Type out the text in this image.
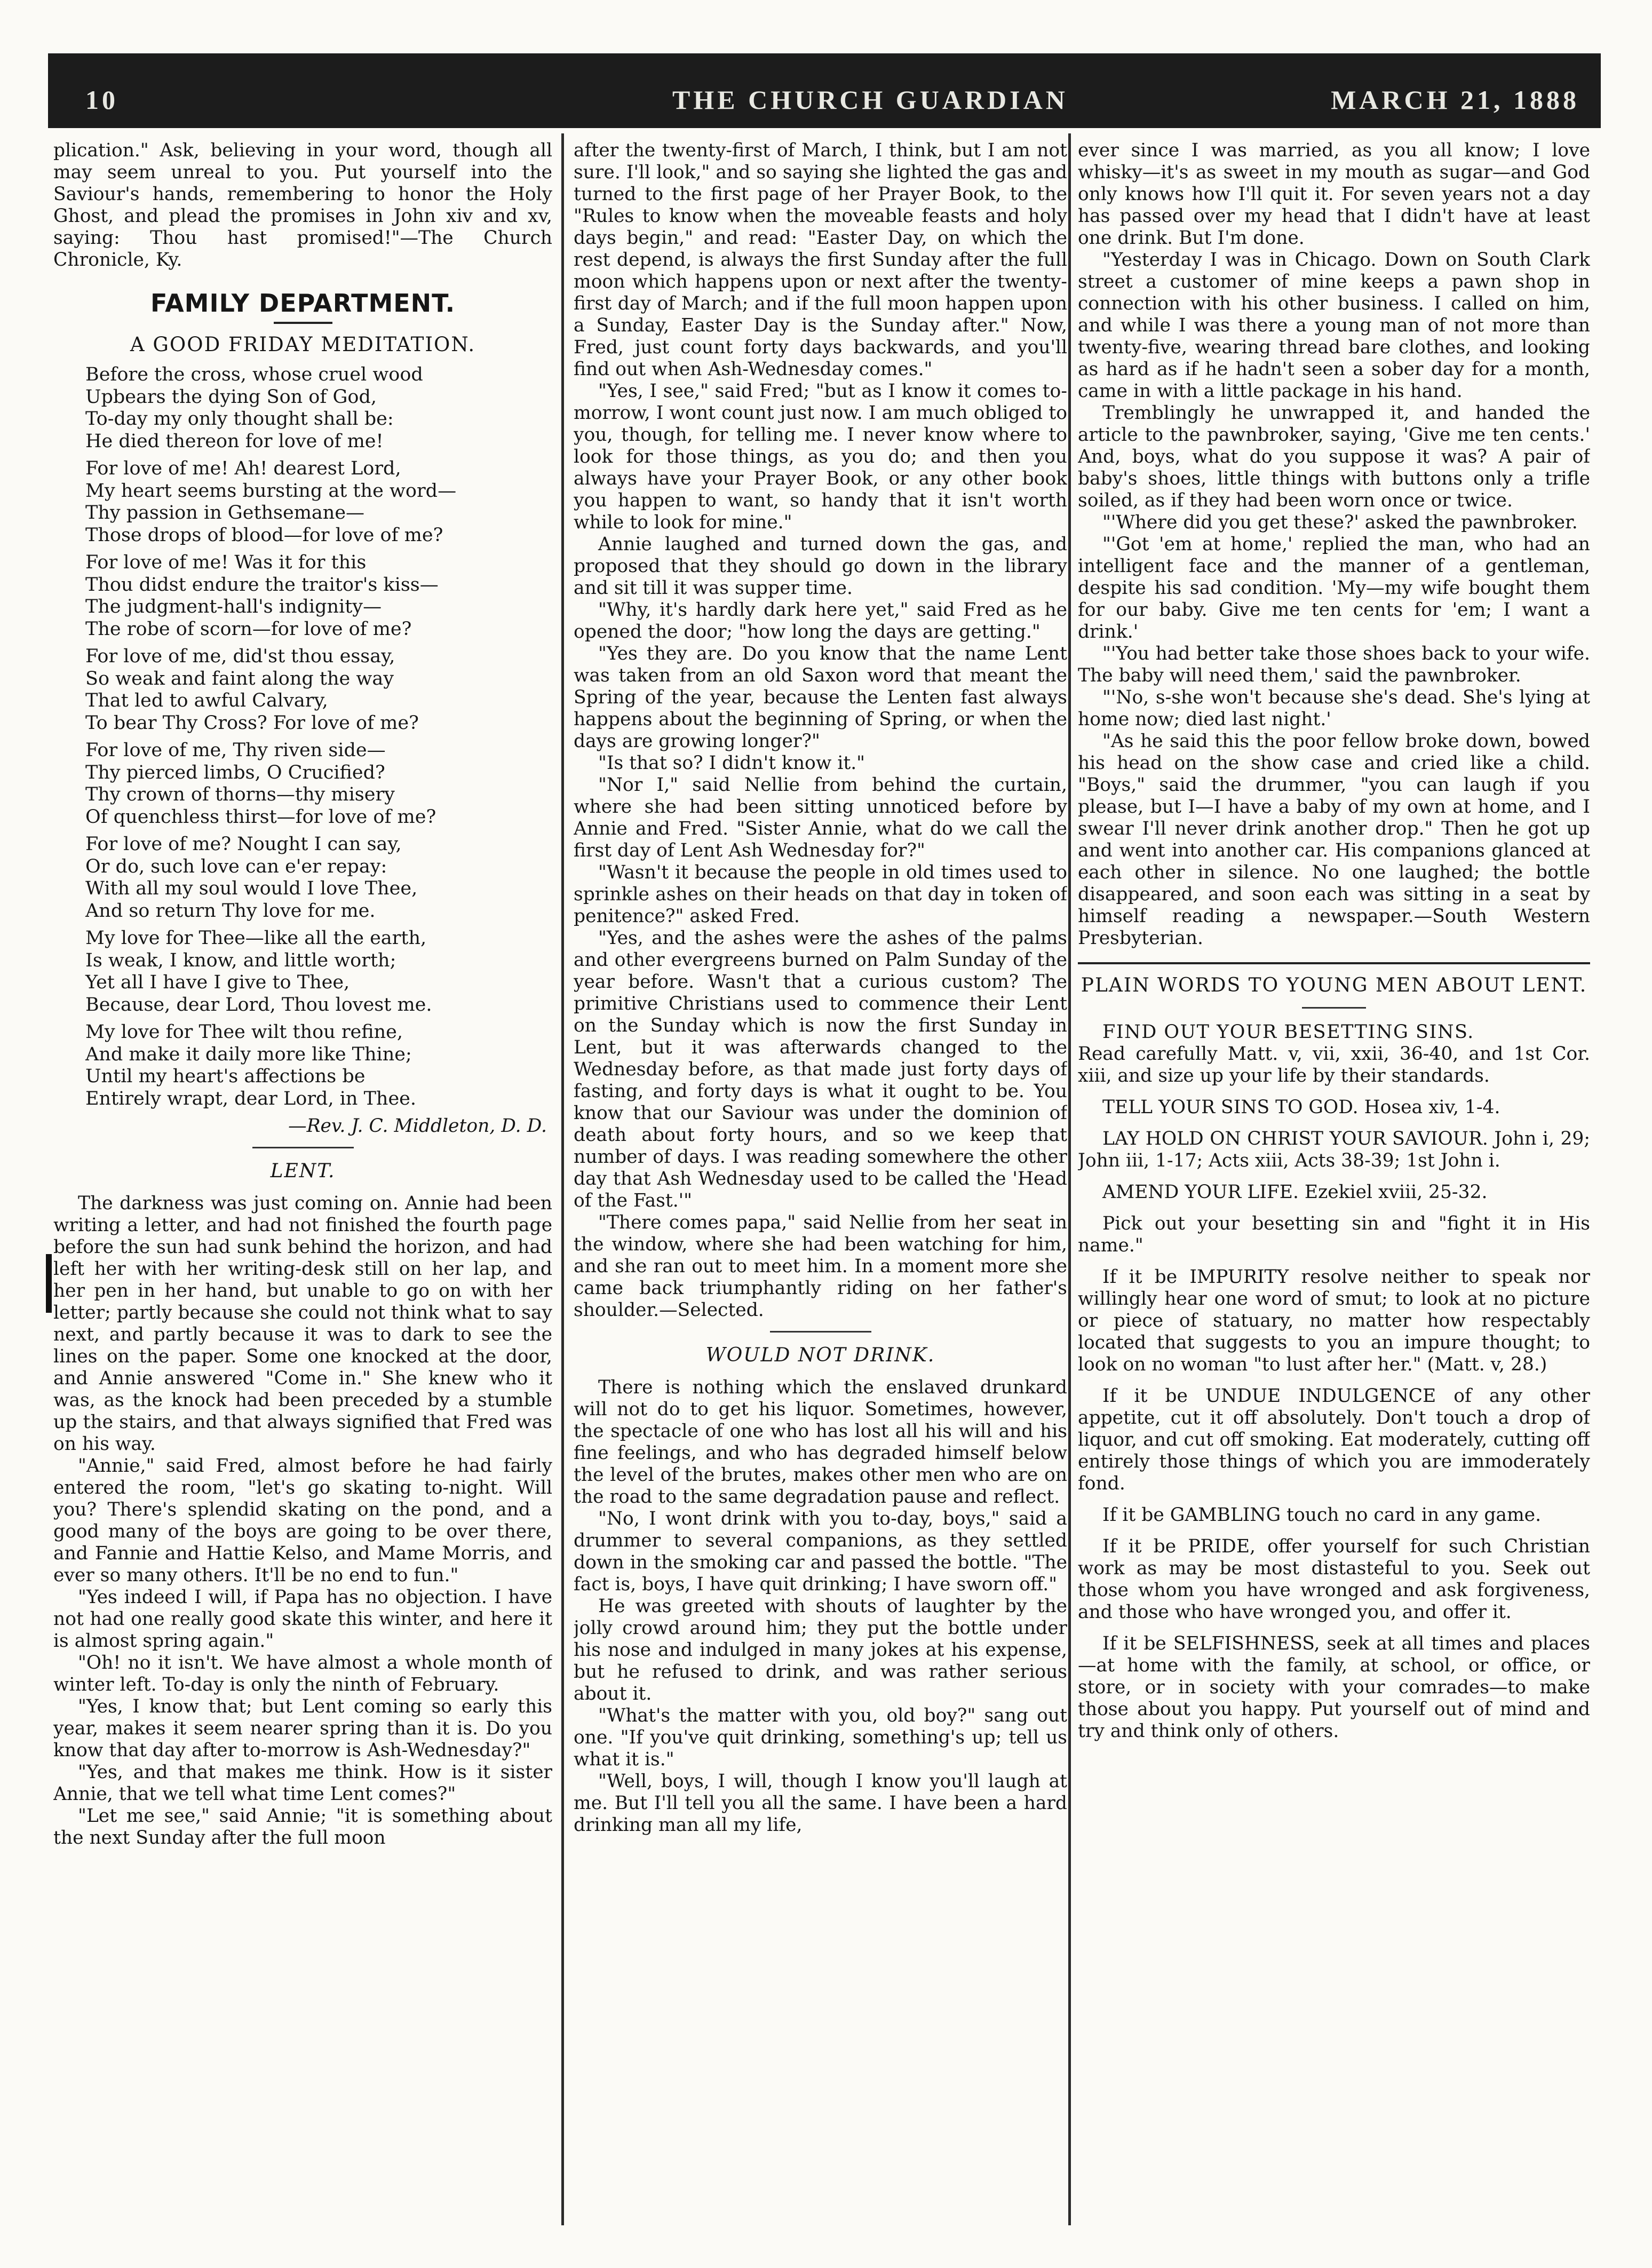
10	THE CHURCH GUARDIAN	MARCH 21, 1888

plication." Ask, believing in your word, though all may seem unreal to you. Put yourself into the Saviour's hands, remembering to honor the Holy Ghost, and plead the promises in John xiv and xv, saying: Thou hast promised!"—The Church Chronicle, Ky.

FAMILY DEPARTMENT.
A GOOD FRIDAY MEDITATION.
Before the cross, whose cruel wood
Upbears the dying Son of God,
To-day my only thought shall be:
He died thereon for love of me!
For love of me! Ah! dearest Lord,
My heart seems bursting at the word—
Thy passion in Gethsemane—
Those drops of blood—for love of me?
For love of me! Was it for this
Thou didst endure the traitor's kiss—
The judgment-hall's indignity—
The robe of scorn—for love of me?
For love of me, did'st thou essay,
So weak and faint along the way
That led to awful Calvary,
To bear Thy Cross? For love of me?
For love of me, Thy riven side—
Thy pierced limbs, O Crucified?
Thy crown of thorns—thy misery
Of quenchless thirst—for love of me?
For love of me? Nought I can say,
Or do, such love can e'er repay:
With all my soul would I love Thee,
And so return Thy love for me.
My love for Thee—like all the earth,
Is weak, I know, and little worth;
Yet all I have I give to Thee,
Because, dear Lord, Thou lovest me.
My love for Thee wilt thou refine,
And make it daily more like Thine;
Until my heart's affections be
Entirely wrapt, dear Lord, in Thee.
—Rev. J. C. Middleton, D. D.
LENT.

The darkness was just coming on. Annie had been writing a letter, and had not finished the fourth page before the sun had sunk behind the horizon, and had left her with her writing-desk still on her lap, and her pen in her hand, but unable to go on with her letter; partly because she could not think what to say next, and partly because it was to dark to see the lines on the paper. Some one knocked at the door, and Annie answered "Come in." She knew who it was, as the knock had been preceded by a stumble up the stairs, and that always signified that Fred was on his way.

"Annie," said Fred, almost before he had fairly entered the room, "let's go skating to-night. Will you? There's splendid skating on the pond, and a good many of the boys are going to be over there, and Fannie and Hattie Kelso, and Mame Morris, and ever so many others. It'll be no end to fun."

"Yes indeed I will, if Papa has no objection. I have not had one really good skate this winter, and here it is almost spring again."

"Oh! no it isn't. We have almost a whole month of winter left. To-day is only the ninth of February.

"Yes, I know that; but Lent coming so early this year, makes it seem nearer spring than it is. Do you know that day after to-morrow is Ash-Wednesday?"

"Yes, and that makes me think. How is it sister Annie, that we tell what time Lent comes?"

"Let me see," said Annie; "it is something about the next Sunday after the full moon

after the twenty-first of March, I think, but I am not sure. I'll look," and so saying she lighted the gas and turned to the first page of her Prayer Book, to the "Rules to know when the moveable feasts and holy days begin," and read: "Easter Day, on which the rest depend, is always the first Sunday after the full moon which happens upon or next after the twenty-first day of March; and if the full moon happen upon a Sunday, Easter Day is the Sunday after." Now, Fred, just count forty days backwards, and you'll find out when Ash-Wednesday comes."

"Yes, I see," said Fred; "but as I know it comes to-morrow, I wont count just now. I am much obliged to you, though, for telling me. I never know where to look for those things, as you do; and then you always have your Prayer Book, or any other book you happen to want, so handy that it isn't worth while to look for mine."

Annie laughed and turned down the gas, and proposed that they should go down in the library and sit till it was supper time.

"Why, it's hardly dark here yet," said Fred as he opened the door; "how long the days are getting."

"Yes they are. Do you know that the name Lent was taken from an old Saxon word that meant the Spring of the year, because the Lenten fast always happens about the beginning of Spring, or when the days are growing longer?"

"Is that so? I didn't know it."

"Nor I," said Nellie from behind the curtain, where she had been sitting unnoticed before by Annie and Fred. "Sister Annie, what do we call the first day of Lent Ash Wednesday for?"

"Wasn't it because the people in old times used to sprinkle ashes on their heads on that day in token of penitence?" asked Fred.

"Yes, and the ashes were the ashes of the palms and other evergreens burned on Palm Sunday of the year before. Wasn't that a curious custom? The primitive Christians used to commence their Lent on the Sunday which is now the first Sunday in Lent, but it was afterwards changed to the Wednesday before, as that made just forty days of fasting, and forty days is what it ought to be. You know that our Saviour was under the dominion of death about forty hours, and so we keep that number of days. I was reading somewhere the other day that Ash Wednesday used to be called the 'Head of the Fast.'"

"There comes papa," said Nellie from her seat in the window, where she had been watching for him, and she ran out to meet him. In a moment more she came back triumphantly riding on her father's shoulder.—Selected.

WOULD NOT DRINK.

There is nothing which the enslaved drunkard will not do to get his liquor. Sometimes, however, the spectacle of one who has lost all his will and his fine feelings, and who has degraded himself below the level of the brutes, makes other men who are on the road to the same degradation pause and reflect.

"No, I wont drink with you to-day, boys," said a drummer to several companions, as they settled down in the smoking car and passed the bottle. "The fact is, boys, I have quit drinking; I have sworn off."

He was greeted with shouts of laughter by the jolly crowd around him; they put the bottle under his nose and indulged in many jokes at his expense, but he refused to drink, and was rather serious about it.

"What's the matter with you, old boy?" sang out one. "If you've quit drinking, something's up; tell us what it is."

"Well, boys, I will, though I know you'll laugh at me. But I'll tell you all the same. I have been a hard drinking man all my life,

ever since I was married, as you all know; I love whisky—it's as sweet in my mouth as sugar—and God only knows how I'll quit it. For seven years not a day has passed over my head that I didn't have at least one drink. But I'm done.

"Yesterday I was in Chicago. Down on South Clark street a customer of mine keeps a pawn shop in connection with his other business. I called on him, and while I was there a young man of not more than twenty-five, wearing thread bare clothes, and looking as hard as if he hadn't seen a sober day for a month, came in with a little package in his hand.

Tremblingly he unwrapped it, and handed the article to the pawnbroker, saying, 'Give me ten cents.' And, boys, what do you suppose it was? A pair of baby's shoes, little things with buttons only a trifle soiled, as if they had been worn once or twice.

"'Where did you get these?' asked the pawnbroker.

"'Got 'em at home,' replied the man, who had an intelligent face and the manner of a gentleman, despite his sad condition. 'My—my wife bought them for our baby. Give me ten cents for 'em; I want a drink.'

"'You had better take those shoes back to your wife. The baby will need them,' said the pawnbroker.

"'No, s-she won't because she's dead. She's lying at home now; died last night.'

"As he said this the poor fellow broke down, bowed his head on the show case and cried like a child. "Boys," said the drummer, "you can laugh if you please, but I—I have a baby of my own at home, and I swear I'll never drink another drop." Then he got up and went into another car. His companions glanced at each other in silence. No one laughed; the bottle disappeared, and soon each was sitting in a seat by himself reading a newspaper.—South Western Presbyterian.

PLAIN WORDS TO YOUNG MEN ABOUT LENT.

FIND OUT YOUR BESETTING SINS.

Read carefully Matt. v, vii, xxii, 36-40, and 1st Cor. xiii, and size up your life by their standards.

TELL YOUR SINS TO GOD. Hosea xiv, 1-4.

LAY HOLD ON CHRIST YOUR SAVIOUR. John i, 29; John iii, 1-17; Acts xiii, Acts 38-39; 1st John i.

AMEND YOUR LIFE. Ezekiel xviii, 25-32.

Pick out your besetting sin and "fight it in His name."

If it be IMPURITY resolve neither to speak nor willingly hear one word of smut; to look at no picture or piece of statuary, no matter how respectably located that suggests to you an impure thought; to look on no woman "to lust after her." (Matt. v, 28.)

If it be UNDUE INDULGENCE of any other appetite, cut it off absolutely. Don't touch a drop of liquor, and cut off smoking. Eat moderately, cutting off entirely those things of which you are immoderately fond.

If it be GAMBLING touch no card in any game.

If it be PRIDE, offer yourself for such Christian work as may be most distasteful to you. Seek out those whom you have wronged and ask forgiveness, and those who have wronged you, and offer it.

If it be SELFISHNESS, seek at all times and places—at home with the family, at school, or office, or store, or in society with your comrades—to make those about you happy. Put yourself out of mind and try and think only of others.
